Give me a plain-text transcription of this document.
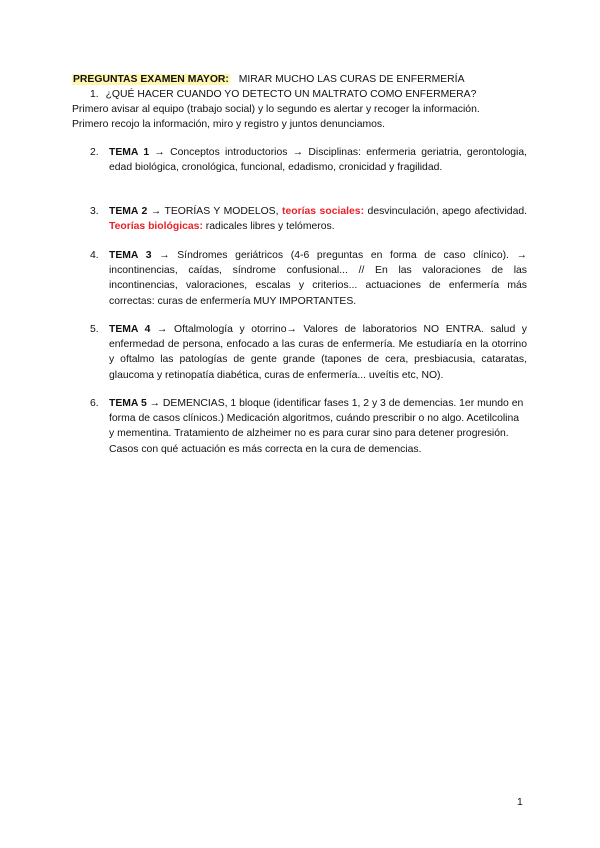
PREGUNTAS EXAMEN MAYOR: MIRAR MUCHO LAS CURAS DE ENFERMERÍA
1. ¿QUÉ HACER CUANDO YO DETECTO UN MALTRATO COMO ENFERMERA?
Primero avisar al equipo (trabajo social) y lo segundo es alertar y recoger la información.
Primero recojo la información, miro y registro y juntos denunciamos.
2. TEMA 1 → Conceptos introductorios → Disciplinas: enfermeria geriatria, gerontologia, edad biológica, cronológica, funcional, edadismo, cronicidad y fragilidad.
3. TEMA 2 → TEORÍAS Y MODELOS, teorías sociales: desvinculación, apego afectividad. Teorías biológicas: radicales libres y telómeros.
4. TEMA 3 → Síndromes geriátricos (4-6 preguntas en forma de caso clínico). → incontinencias, caídas, síndrome confusional... // En las valoraciones de las incontinencias, valoraciones, escalas y criterios... actuaciones de enfermería más correctas: curas de enfermería MUY IMPORTANTES.
5. TEMA 4 → Oftalmología y otorrino→ Valores de laboratorios NO ENTRA. salud y enfermedad de persona, enfocado a las curas de enfermería. Me estudiaría en la otorrino y oftalmo las patologías de gente grande (tapones de cera, presbiacusia, cataratas, glaucoma y retinopatía diabética, curas de enfermería... uveítis etc, NO).
6. TEMA 5 → DEMENCIAS, 1 bloque (identificar fases 1, 2 y 3 de demencias. 1er mundo en forma de casos clínicos.) Medicación algoritmos, cuándo prescribir o no algo. Acetilcolina y mementina. Tratamiento de alzheimer no es para curar sino para detener progresión.
Casos con qué actuación es más correcta en la cura de demencias.
1
